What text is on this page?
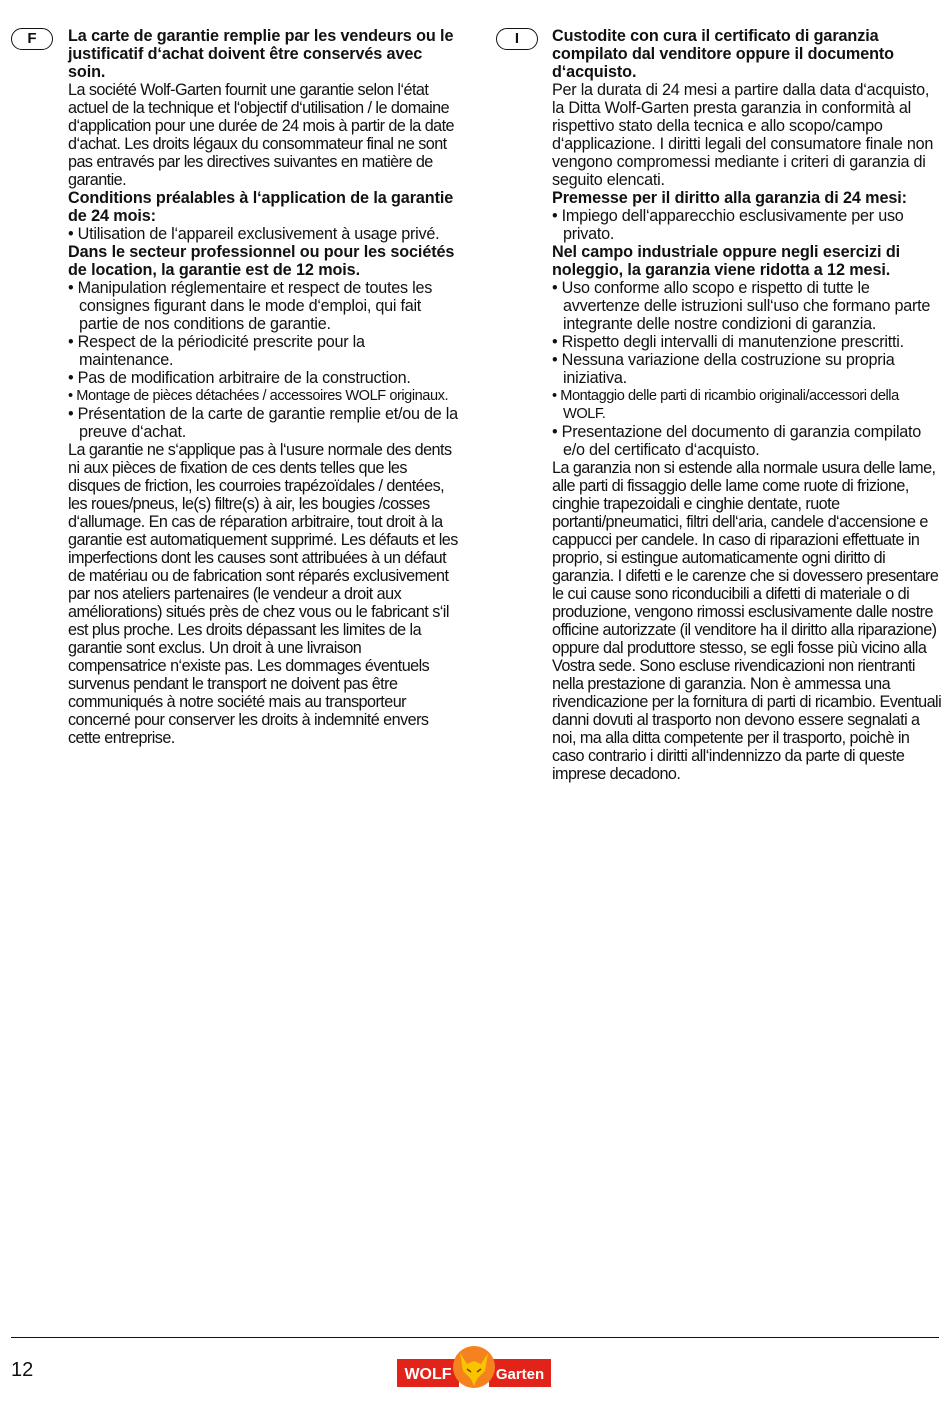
F	La carte de garantie remplie par les vendeurs ou le justificatif d‘achat doivent être conservés avec soin.

La société Wolf-Garten fournit une garantie selon l‘état actuel de la technique et l‘objectif d‘utilisation / le domaine d‘application pour une durée de 24 mois à partir de la date d‘achat. Les droits légaux du consommateur final ne sont pas entravés par les directives suivantes en matière de garantie.

Conditions préalables à l‘application de la garantie de 24 mois:

• Utilisation de l‘appareil exclusivement à usage privé.

Dans le secteur professionnel ou pour les sociétés de location, la garantie est de 12 mois.

• Manipulation réglementaire et respect de toutes les consignes figurant dans le mode d‘emploi, qui fait partie de nos conditions de garantie.
• Respect de la périodicité prescrite pour la maintenance.
• Pas de modification arbitraire de la construction.
• Montage de pièces détachées / accessoires WOLF originaux.
• Présentation de la carte de garantie remplie et/ou de la preuve d‘achat.

La garantie ne s‘applique pas à l‘usure normale des dents ni aux pièces de fixation de ces dents telles que les disques de friction, les courroies trapézoïdales / dentées, les roues/pneus, le(s) filtre(s) à air, les bougies /cosses d‘allumage. En cas de réparation arbitraire, tout droit à la garantie est automatiquement supprimé. Les défauts et les imperfections dont les causes sont attribuées à un défaut de matériau ou de fabrication sont réparés exclusivement par nos ateliers partenaires (le vendeur a droit aux améliorations) situés près de chez vous ou le fabricant s‘il est plus proche. Les droits dépassant les limites de la garantie sont exclus. Un droit à une livraison compensatrice n‘existe pas. Les dommages éventuels survenus pendant le transport ne doivent pas être communiqués à notre société mais au transporteur concerné pour conserver les droits à indemnité envers cette entreprise.

I	Custodite con cura il certificato di garanzia compilato dal venditore oppure il documento d‘acquisto.

Per la durata di 24 mesi a partire dalla data d‘acquisto, la Ditta Wolf-Garten presta garanzia in conformità al rispettivo stato della tecnica e allo scopo/campo d‘applicazione. I diritti legali del consumatore finale non vengono compromessi mediante i criteri di garanzia di seguito elencati.

Premesse per il diritto alla garanzia di 24 mesi:

• Impiego dell‘apparecchio esclusivamente per uso privato.

Nel campo industriale oppure negli esercizi di noleggio, la garanzia viene ridotta a 12 mesi.

• Uso conforme allo scopo e rispetto di tutte le avvertenze delle istruzioni sull‘uso che formano parte integrante delle nostre condizioni di garanzia.
• Rispetto degli intervalli di manutenzione prescritti.
• Nessuna variazione della costruzione su propria iniziativa.
• Montaggio delle parti di ricambio originali/accessori della WOLF.
• Presentazione del documento di garanzia compilato e/o del certificato d‘acquisto.

La garanzia non si estende alla normale usura delle lame, alle parti di fissaggio delle lame come ruote di frizione, cinghie trapezoidali e cinghie dentate, ruote portanti/pneumatici, filtri dell‘aria, candele d‘accensione e cappucci per candele. In caso di riparazioni effettuate in proprio, si estingue automaticamente ogni diritto di garanzia. I difetti e le carenze che si dovessero presentare le cui cause sono riconducibili a difetti di materiale o di produzione, vengono rimossi esclusivamente dalle nostre officine autorizzate (il venditore ha il diritto alla riparazione) oppure dal produttore stesso, se egli fosse più vicino alla Vostra sede. Sono escluse rivendicazioni non rientranti nella prestazione di garanzia. Non è ammessa una rivendicazione per la fornitura di parti di ricambio. Eventuali danni dovuti al trasporto non devono essere segnalati a noi, ma alla ditta competente per il trasporto, poichè in caso contrario i diritti all‘indennizzo da parte di queste imprese decadono.

12	WOLF	Garten
